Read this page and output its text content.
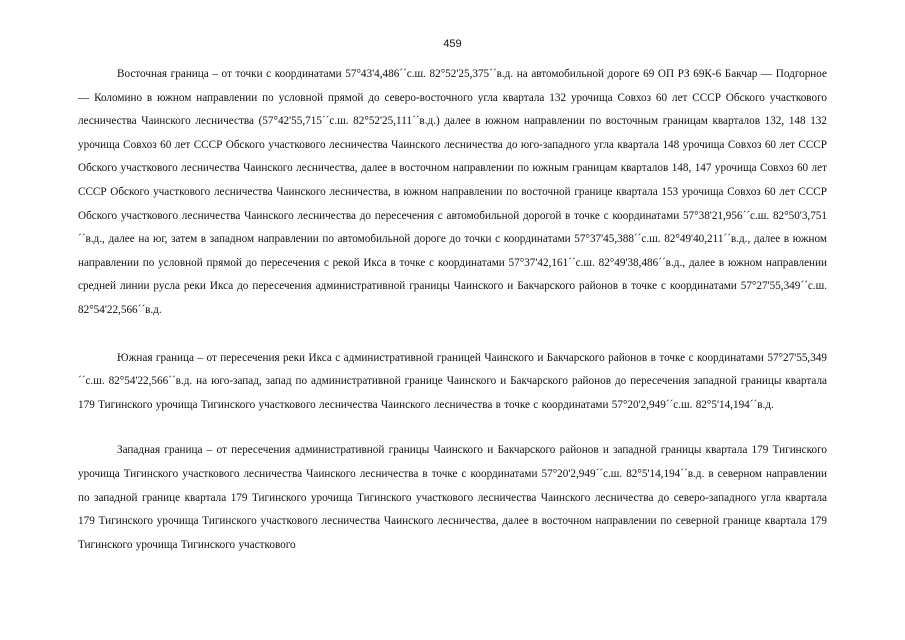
459

Восточная граница – от точки с координатами 57°43'4,486´´с.ш. 82°52'25,375´´в.д. на автомобильной дороге 69 ОП РЗ 69К-6 Бакчар — Подгорное — Коломино в южном направлении по условной прямой до северо-восточного угла квартала 132 урочища Совхоз 60 лет СССР Обского участкового лесничества Чаинского лесничества (57°42'55,715´´с.ш. 82°52'25,111´´в.д.) далее в южном направлении по восточным границам кварталов 132, 148 132 урочища Совхоз 60 лет СССР Обского участкового лесничества Чаинского лесничества до юго-западного угла квартала 148 урочища Совхоз 60 лет СССР Обского участкового лесничества Чаинского лесничества, далее в восточном направлении по южным границам кварталов 148, 147 урочища Совхоз 60 лет СССР Обского участкового лесничества Чаинского лесничества, в южном направлении по восточной границе квартала 153 урочища Совхоз 60 лет СССР Обского участкового лесничества Чаинского лесничества до пересечения с автомобильной дорогой в точке с координатами 57°38'21,956´´с.ш. 82°50'3,751´´в.д., далее на юг, затем в западном направлении по автомобильной дороге до точки с координатами 57°37'45,388´´с.ш. 82°49'40,211´´в.д., далее в южном направлении по условной прямой до пересечения с рекой Икса в точке с координатами 57°37'42,161´´с.ш. 82°49'38,486´´в.д., далее в южном направлении средней линии русла реки Икса до пересечения административной границы Чаинского и Бакчарского районов в точке с координатами 57°27'55,349´´с.ш. 82°54'22,566´´в.д.

Южная граница – от пересечения реки Икса с административной границей Чаинского и Бакчарского районов в точке с координатами 57°27'55,349´´с.ш. 82°54'22,566´´в.д. на юго-запад, запад по административной границе Чаинского и Бакчарского районов до пересечения западной границы квартала 179 Тигинского урочища Тигинского участкового лесничества Чаинского лесничества в точке с координатами 57°20'2,949´´с.ш. 82°5'14,194´´в.д.

Западная граница – от пересечения административной границы Чаинского и Бакчарского районов и западной границы квартала 179 Тигинского урочища Тигинского участкового лесничества Чаинского лесничества в точке с координатами 57°20'2,949´´с.ш. 82°5'14,194´´в.д. в северном направлении по западной границе квартала 179 Тигинского урочища Тигинского участкового лесничества Чаинского лесничества до северо-западного угла квартала 179 Тигинского урочища Тигинского участкового лесничества Чаинского лесничества, далее в восточном направлении по северной границе квартала 179 Тигинского урочища Тигинского участкового
